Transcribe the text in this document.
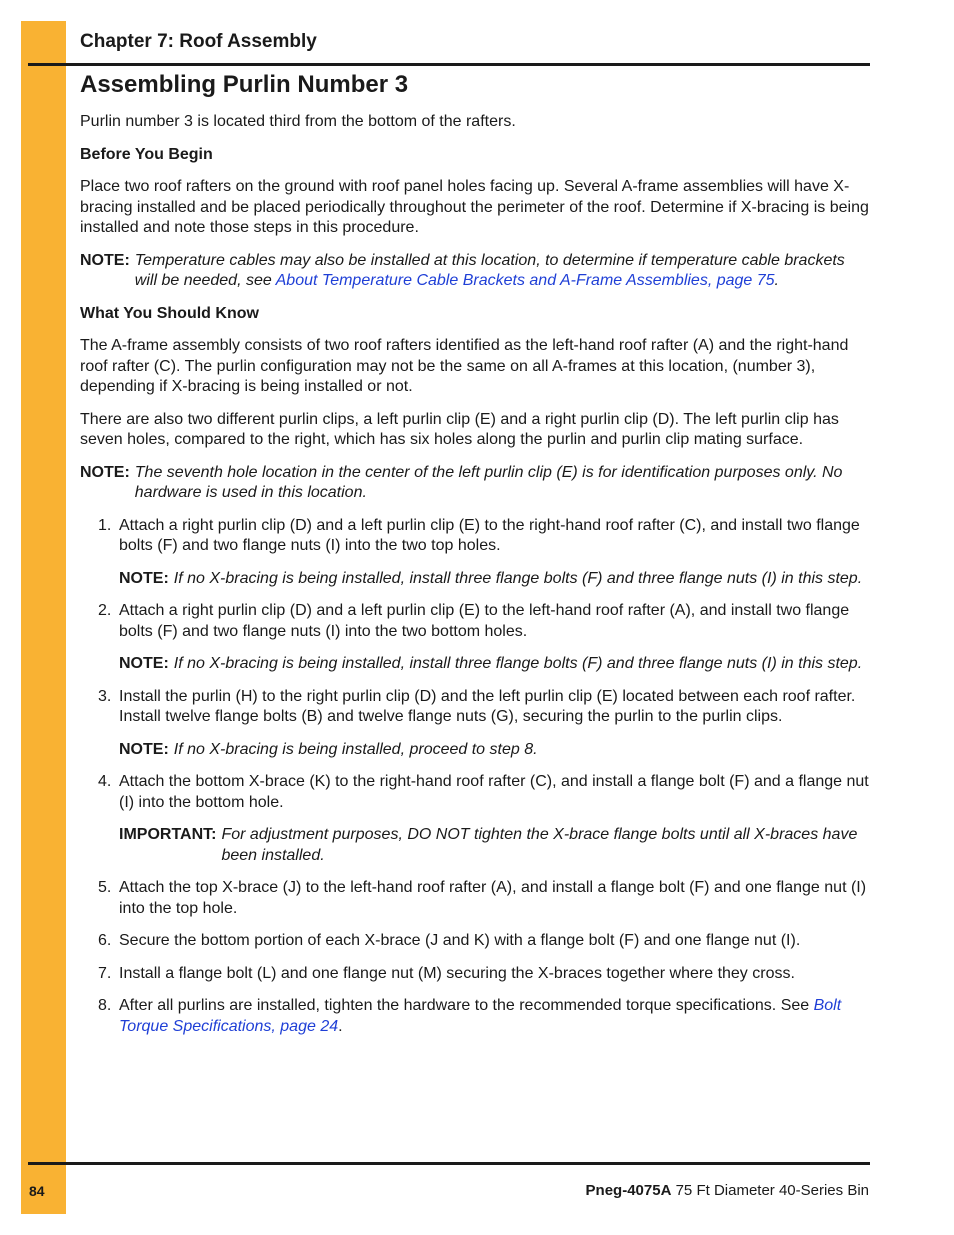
Chapter 7: Roof Assembly
Assembling Purlin Number 3

Purlin number 3 is located third from the bottom of the rafters.

Before You Begin

Place two roof rafters on the ground with roof panel holes facing up. Several A-frame assemblies will have X-bracing installed and be placed periodically throughout the perimeter of the roof. Determine if X-bracing is being installed and note those steps in this procedure.

NOTE: Temperature cables may also be installed at this location, to determine if temperature cable brackets will be needed, see About Temperature Cable Brackets and A-Frame Assemblies, page 75.
What You Should Know

The A-frame assembly consists of two roof rafters identified as the left-hand roof rafter (A) and the right-hand roof rafter (C). The purlin configuration may not be the same on all A-frames at this location, (number 3), depending if X-bracing is being installed or not.

There are also two different purlin clips, a left purlin clip (E) and a right purlin clip (D). The left purlin clip has seven holes, compared to the right, which has six holes along the purlin and purlin clip mating surface.

NOTE: The seventh hole location in the center of the left purlin clip (E) is for identification purposes only. No hardware is used in this location.
1. Attach a right purlin clip (D) and a left purlin clip (E) to the right-hand roof rafter (C), and install two flange bolts (F) and two flange nuts (I) into the two top holes.
NOTE: If no X-bracing is being installed, install three flange bolts (F) and three flange nuts (I) in this step.
2. Attach a right purlin clip (D) and a left purlin clip (E) to the left-hand roof rafter (A), and install two flange bolts (F) and two flange nuts (I) into the two bottom holes.
NOTE: If no X-bracing is being installed, install three flange bolts (F) and three flange nuts (I) in this step.
3. Install the purlin (H) to the right purlin clip (D) and the left purlin clip (E) located between each roof rafter. Install twelve flange bolts (B) and twelve flange nuts (G), securing the purlin to the purlin clips.
NOTE: If no X-bracing is being installed, proceed to step 8.
4. Attach the bottom X-brace (K) to the right-hand roof rafter (C), and install a flange bolt (F) and a flange nut (I) into the bottom hole.
IMPORTANT: For adjustment purposes, DO NOT tighten the X-brace flange bolts until all X-braces have been installed.
5. Attach the top X-brace (J) to the left-hand roof rafter (A), and install a flange bolt (F) and one flange nut (I) into the top hole.
6. Secure the bottom portion of each X-brace (J and K) with a flange bolt (F) and one flange nut (I).
7. Install a flange bolt (L) and one flange nut (M) securing the X-braces together where they cross.
8. After all purlins are installed, tighten the hardware to the recommended torque specifications. See Bolt Torque Specifications, page 24.
84	Pneg-4075A 75 Ft Diameter 40-Series Bin
